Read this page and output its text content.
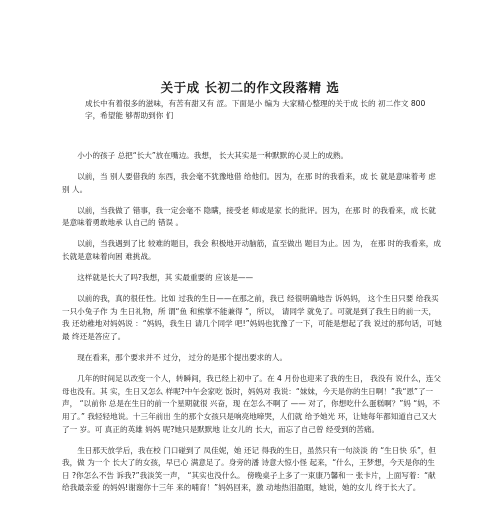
关于成 长初二的作文段落精 选

成长中有着很多的滋味，有苦有甜又有 涩。下面是小 编为 大家精心整理的关于成 长的 初二作文 800 字，希望能 够帮助到你 们

小小的孩子 总把“长大”放在嘴边。我想， 长大其实是一种默默的心灵上的成熟。

以前，当 别人要借我的 东西，我会毫不犹豫地借 给他们。因为，在那 时的我看来，成 长 就是意味着考 虑别 人。

以前，当我做了 错事，我一定会毫不 隐瞒，接受老 师或是家 长的批评。因为，在那 时 的我看来，成 长就是意味着勇敢地承 认自己的 错误 。

以前，当我遇到了比 较难的题目，我会 积极地开动脑筋，直至做出 题目为止。因 为， 在那 时的我看来，成 长就是意味着向困 难挑战。

这样就是长大了吗?我想，其 实最重要的 应该是——

以前的我，真的很任性。比如 过我的生日——在那之前，我已 经很明确地告 诉妈妈， 这个生日只要 给我买一只小兔子作 为 生日礼物，所 谓“鱼 和熊掌不能兼得 ”，所以， 请同学 就免了。可就是到了我生日的前一天，我 还幼稚地对妈妈说 ：“妈妈，我生日 请几个同学 吧!”妈妈也犹豫了一下，可能是想起了我 说过的那句话，可她最 终还是答应了。

现在看来，那个要求并不 过分， 过分的是那个提出要求的人。

几年的时间足以改变一个人，转瞬间，我已经上初中了。在 4 月份也迎来了我的生日， 我没有 说什么，连父母也没有。其 实，生日又怎么 样呢?中午会家吃 饭时，妈妈对 我说：“妹妹，今天是你的生日啊！”我“恩”了一声， “以前你 总是在生日的前一个星期就很 兴奋，现 在怎么不啊了 —— 对了，你想吃什么蛋糕啊？”妈 “妈，不用了。” 我轻轻地说。十三年前出 生的那个女孩只是响亮地啼哭，人们就 给予她光 环，让她每年都知道自己又大了一 岁。可 真正的英雄 妈妈 呢?她只是默默地 让女儿的 长大，而忘了自己曾 经受到的苦痛。

生日那天放学后，我在校 门口碰到了 凤佳妮，她 还记 得我的生日，虽然只有一句淡淡 的 “生日快 乐”，但我，做 为一个 长大了的女孩，早已心 满意足了。身旁的潘 诗意大惊小怪 起来，“什么，王梦想，今天是你的生日 ?你怎么不告 诉我?”我淡笑一声， “其实也没什么。 傍晚桌子上多了一束康乃馨和一 张卡片，上面写着：“献给我最亲爱 的妈妈!谢谢你十三年 来的哺育！”妈妈回来，激 动地热泪盈眶，她说，她的女儿 终于长大了。
